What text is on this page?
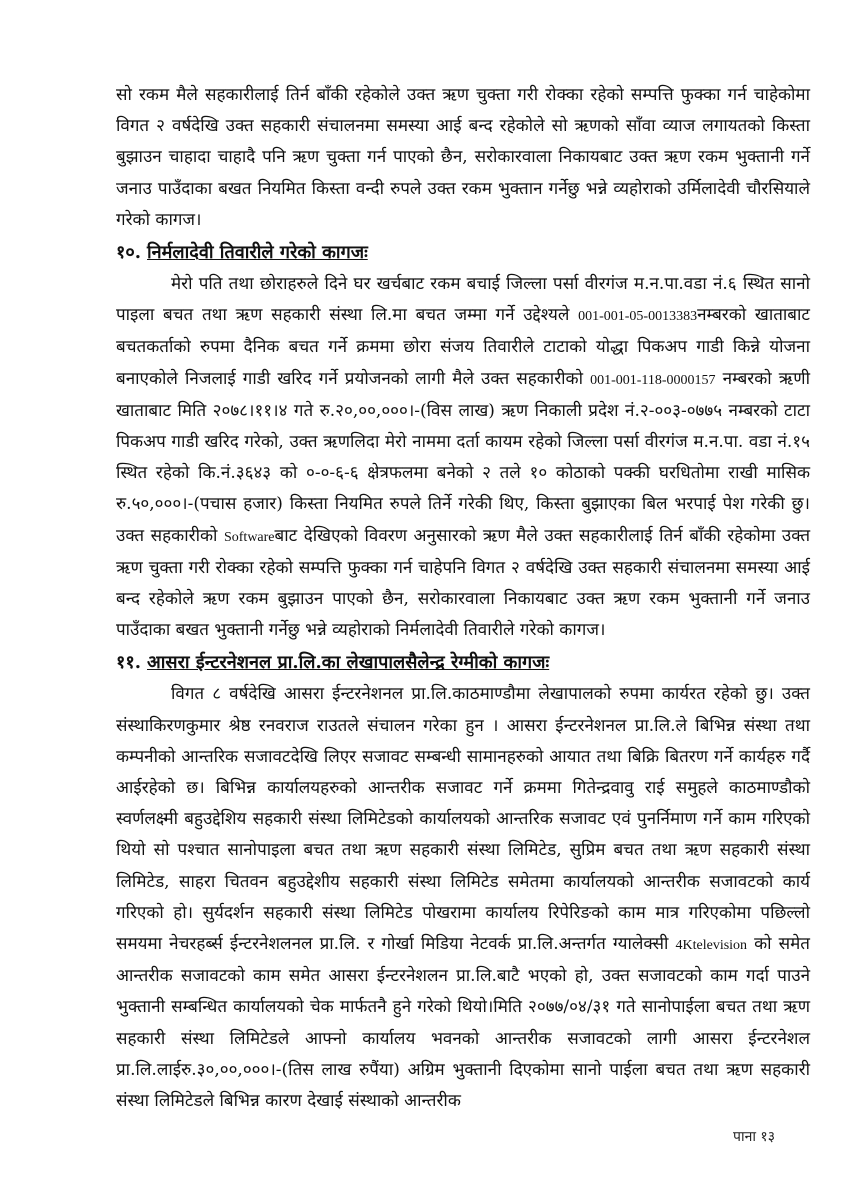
सो रकम मैले सहकारीलाई तिर्न बाँकी रहेकोले उक्त ऋण चुक्ता गरी रोक्का रहेको सम्पत्ति फुक्का गर्न चाहेकोमा विगत २ वर्षदेखि उक्त सहकारी संचालनमा समस्या आई बन्द रहेकोले सो ऋणको साँवा व्याज लगायतको किस्ता बुझाउन चाहादा चाहादै पनि ऋण चुक्ता गर्न पाएको छैन, सरोकारवाला निकायबाट उक्त ऋण रकम भुक्तानी गर्ने जनाउ पाउँदाका बखत नियमित किस्ता वन्दी रुपले उक्त रकम भुक्तान गर्नेछु भन्ने व्यहोराको उर्मिलादेवी चौरसियाले गरेको कागज।

१०. निर्मलादेवी तिवारीले गरेको कागजः

मेरो पति तथा छोराहरुले दिने घर खर्चबाट रकम बचाई जिल्ला पर्सा वीरगंज म.न.पा.वडा नं.६ स्थित सानो पाइला बचत तथा ऋण सहकारी संस्था लि.मा बचत जम्मा गर्ने उद्देश्यले 001-001-05-0013383नम्बरको खाताबाट बचतकर्ताको रुपमा दैनिक बचत गर्ने क्रममा छोरा संजय तिवारीले टाटाको योद्धा पिकअप गाडी किन्ने योजना बनाएकोले निजलाई गाडी खरिद गर्ने प्रयोजनको लागी मैले उक्त सहकारीको 001-001-118-0000157 नम्बरको ऋणी खाताबाट मिति २०७८।११।४ गते रु.२०,००,०००।-(विस लाख) ऋण निकाली प्रदेश नं.२-००३-०७७५ नम्बरको टाटा पिकअप गाडी खरिद गरेको, उक्त ऋणलिदा मेरो नाममा दर्ता कायम रहेको जिल्ला पर्सा वीरगंज म.न.पा. वडा नं.१५ स्थित रहेको कि.नं.३६४३ को ०-०-६-६ क्षेत्रफलमा बनेको २ तले १० कोठाको पक्की घरधितोमा राखी मासिक रु.५०,०००।-(पचास हजार) किस्ता नियमित रुपले तिर्ने गरेकी थिए, किस्ता बुझाएका बिल भरपाई पेश गरेकी छु। उक्त सहकारीको Softwareबाट देखिएको विवरण अनुसारको ऋण मैले उक्त सहकारीलाई तिर्न बाँकी रहेकोमा उक्त ऋण चुक्ता गरी रोक्का रहेको सम्पत्ति फुक्का गर्न चाहेपनि विगत २ वर्षदेखि उक्त सहकारी संचालनमा समस्या आई बन्द रहेकोले ऋण रकम बुझाउन पाएको छैन, सरोकारवाला निकायबाट उक्त ऋण रकम भुक्तानी गर्ने जनाउ पाउँदाका बखत भुक्तानी गर्नेछु भन्ने व्यहोराको निर्मलादेवी तिवारीले गरेको कागज।

११. आसरा ईन्टरनेशनल प्रा.लि.का लेखापालसैलेन्द्र रेग्मीको कागजः

विगत ८ वर्षदेखि आसरा ईन्टरनेशनल प्रा.लि.काठमाण्डौमा लेखापालको रुपमा कार्यरत रहेको छु। उक्त संस्थाकिरणकुमार श्रेष्ठ रनवराज राउतले संचालन गरेका हुन । आसरा ईन्टरनेशनल प्रा.लि.ले बिभिन्न संस्था तथा कम्पनीको आन्तरिक सजावटदेखि लिएर सजावट सम्बन्धी सामानहरुको आयात तथा बिक्रि बितरण गर्ने कार्यहरु गर्दै आईरहेको छ। बिभिन्न कार्यालयहरुको आन्तरीक सजावट गर्ने क्रममा गितेन्द्रवावु राई समुहले काठमाण्डौको स्वर्णलक्ष्मी बहुउद्देशिय सहकारी संस्था लिमिटेडको कार्यालयको आन्तरिक सजावट एवं पुनर्निमाण गर्ने काम गरिएको थियो सो पश्चात सानोपाइला बचत तथा ऋण सहकारी संस्था लिमिटेड, सुप्रिम बचत तथा ऋण सहकारी संस्था लिमिटेड, साहरा चितवन बहुउद्देशीय सहकारी संस्था लिमिटेड समेतमा कार्यालयको आन्तरीक सजावटको कार्य गरिएको हो। सुर्यदर्शन सहकारी संस्था लिमिटेड पोखरामा कार्यालय रिपेरिङको काम मात्र गरिएकोमा पछिल्लो समयमा नेचरहर्ब्स ईन्टरनेशलनल प्रा.लि. र गोर्खा मिडिया नेटवर्क प्रा.लि.अन्तर्गत ग्यालेक्सी 4Ktelevision को समेत आन्तरीक सजावटको काम समेत आसरा ईन्टरनेशलन प्रा.लि.बाटै भएको हो, उक्त सजावटको काम गर्दा पाउने भुक्तानी सम्बन्धित कार्यालयको चेक मार्फतनै हुने गरेको थियो।मिति २०७७/०४/३१ गते सानोपाईला बचत तथा ऋण सहकारी संस्था लिमिटेडले आफ्नो कार्यालय भवनको आन्तरीक सजावटको लागी आसरा ईन्टरनेशल प्रा.लि.लाईरु.३०,००,०००।-(तिस लाख रुपैंया) अग्रिम भुक्तानी दिएकोमा सानो पाईला बचत तथा ऋण सहकारी संस्था लिमिटेडले बिभिन्न कारण देखाई संस्थाको आन्तरीक

पाना १३
